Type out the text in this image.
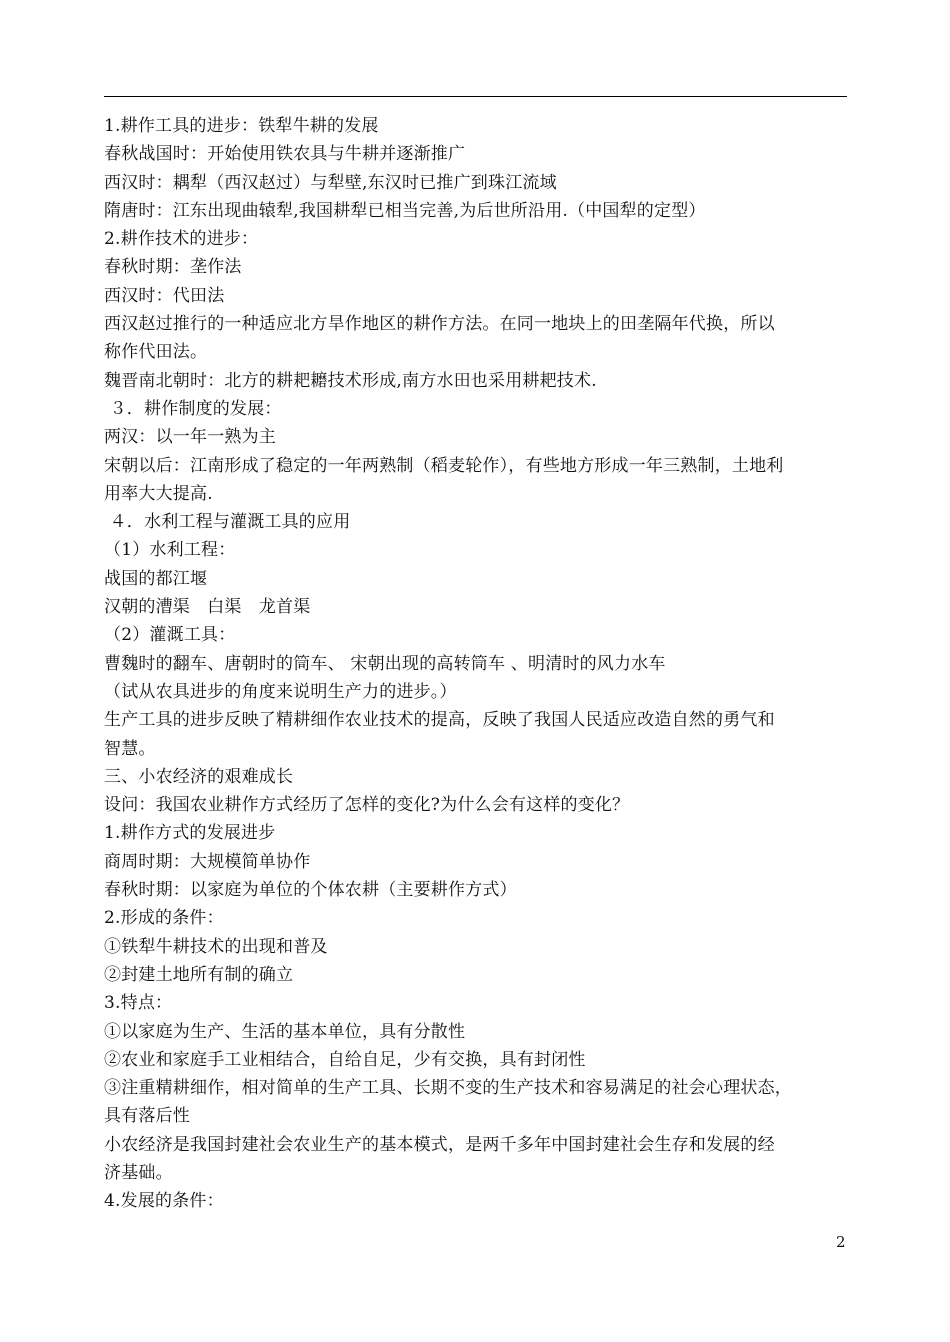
1.耕作工具的进步：铁犁牛耕的发展
春秋战国时：开始使用铁农具与牛耕并逐渐推广
西汉时：耦犁（西汉赵过）与犁壁,东汉时已推广到珠江流域
隋唐时：江东出现曲辕犁,我国耕犁已相当完善,为后世所沿用.（中国犁的定型）
2.耕作技术的进步：
春秋时期：垄作法
西汉时：代田法
西汉赵过推行的一种适应北方旱作地区的耕作方法。在同一地块上的田垄隔年代换，所以
称作代田法。
魏晋南北朝时：北方的耕耙耱技术形成,南方水田也采用耕耙技术.
３．耕作制度的发展：
两汉：以一年一熟为主
宋朝以后：江南形成了稳定的一年两熟制（稻麦轮作），有些地方形成一年三熟制，土地利
用率大大提高.
４．水利工程与灌溉工具的应用
（1）水利工程：
战国的都江堰
汉朝的漕渠　白渠　龙首渠
（2）灌溉工具：
曹魏时的翻车、唐朝时的筒车、 宋朝出现的高转筒车 、明清时的风力水车
（试从农具进步的角度来说明生产力的进步。）
生产工具的进步反映了精耕细作农业技术的提高，反映了我国人民适应改造自然的勇气和
智慧。
三、小农经济的艰难成长
设问：我国农业耕作方式经历了怎样的变化?为什么会有这样的变化？
1.耕作方式的发展进步
商周时期：大规模简单协作
春秋时期：以家庭为单位的个体农耕（主要耕作方式）
2.形成的条件：
①铁犁牛耕技术的出现和普及
②封建土地所有制的确立
3.特点：
①以家庭为生产、生活的基本单位，具有分散性
②农业和家庭手工业相结合，自给自足，少有交换，具有封闭性
③注重精耕细作，相对简单的生产工具、长期不变的生产技术和容易满足的社会心理状态，
具有落后性
小农经济是我国封建社会农业生产的基本模式，是两千多年中国封建社会生存和发展的经
济基础。
4.发展的条件：
2
